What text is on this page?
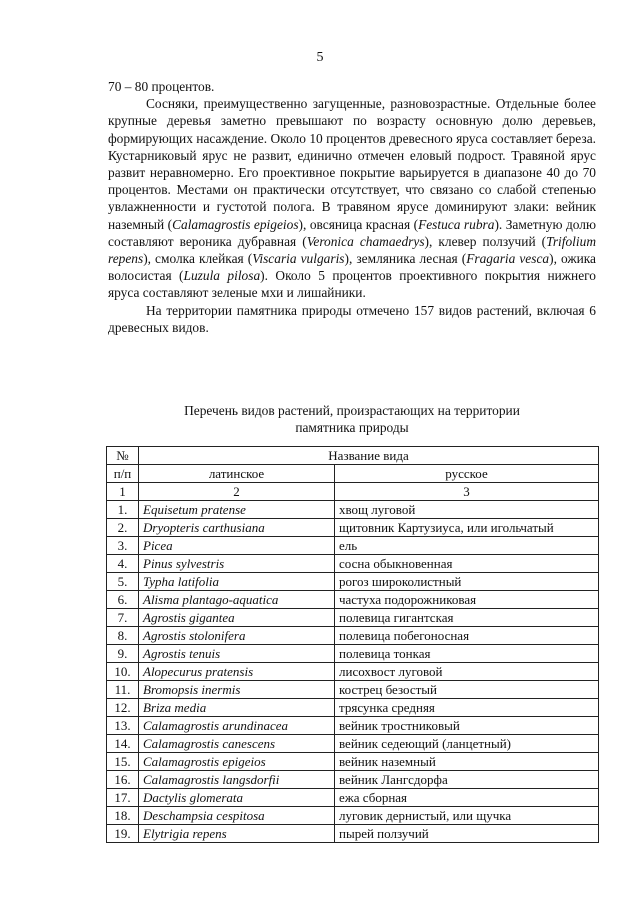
5

70 – 80 процентов.

Сосняки, преимущественно загущенные, разновозрастные. Отдельные более крупные деревья заметно превышают по возрасту основную долю деревьев, формирующих насаждение. Около 10 процентов древесного яруса составляет береза. Кустарниковый ярус не развит, единично отмечен еловый подрост. Травяной ярус развит неравномерно. Его проективное покрытие варьируется в диапазоне 40 до 70 процентов. Местами он практически отсутствует, что связано со слабой степенью увлажненности и густотой полога. В травяном ярусе доминируют злаки: вейник наземный (Calamagrostis epigeios), овсяница красная (Festuca rubra). Заметную долю составляют вероника дубравная (Veronica chamaedrys), клевер ползучий (Trifolium repens), смолка клейкая (Viscaria vulgaris), земляника лесная (Fragaria vesca), ожика волосистая (Luzula pilosa). Около 5 процентов проективного покрытия нижнего яруса составляют зеленые мхи и лишайники.

На территории памятника природы отмечено 157 видов растений, включая 6 древесных видов.

Перечень видов растений, произрастающих на территории
памятника природы
№	Название вида	
п/п	латинское	русское
1	2	3
1.	Equisetum pratense	хвощ луговой
2.	Dryopteris carthusiana	щитовник Картузиуса, или игольчатый
3.	Picea	ель
4.	Pinus sylvestris	сосна обыкновенная
5.	Typha latifolia	рогоз широколистный
6.	Alisma plantago-aquatica	частуха подорожниковая
7.	Agrostis gigantea	полевица гигантская
8.	Agrostis stolonifera	полевица побегоносная
9.	Agrostis tenuis	полевица тонкая
10.	Alopecurus pratensis	лисохвост луговой
11.	Bromopsis inermis	кострец безостый
12.	Briza media	трясунка средняя
13.	Calamagrostis arundinacea	вейник тростниковый
14.	Calamagrostis canescens	вейник седеющий (ланцетный)
15.	Calamagrostis epigeios	вейник наземный
16.	Calamagrostis langsdorfii	вейник Лангсдорфа
17.	Dactylis glomerata	ежа сборная
18.	Deschampsia cespitosa	луговик дернистый, или щучка
19.	Elytrigia repens	пырей ползучий
